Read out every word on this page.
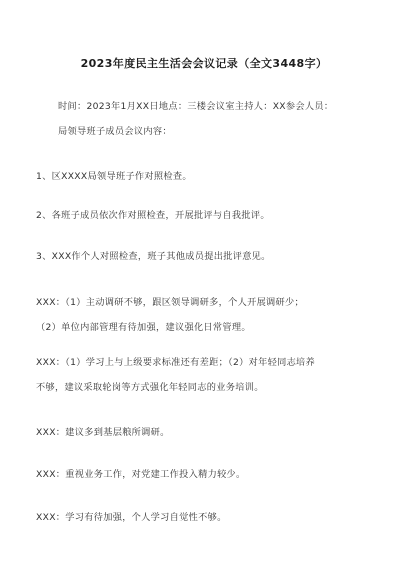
2023年度民主生活会会议记录（全文3448字）
时间：2023年1月XX日地点：三楼会议室主持人：XX参会人员：
局领导班子成员会议内容：
1、区XXXX局领导班子作对照检查。
2、各班子成员依次作对照检查，开展批评与自我批评。
3、XXX作个人对照检查，班子其他成员提出批评意见。
XXX：（1）主动调研不够，跟区领导调研多，个人开展调研少；
（2）单位内部管理有待加强，建议强化日常管理。
XXX：（1）学习上与上级要求标准还有差距；（2）对年轻同志培养
不够，建议采取轮岗等方式强化年轻同志的业务培训。
XXX：建议多到基层粮所调研。
XXX：重视业务工作，对党建工作投入精力较少。
XXX：学习有待加强，个人学习自觉性不够。
